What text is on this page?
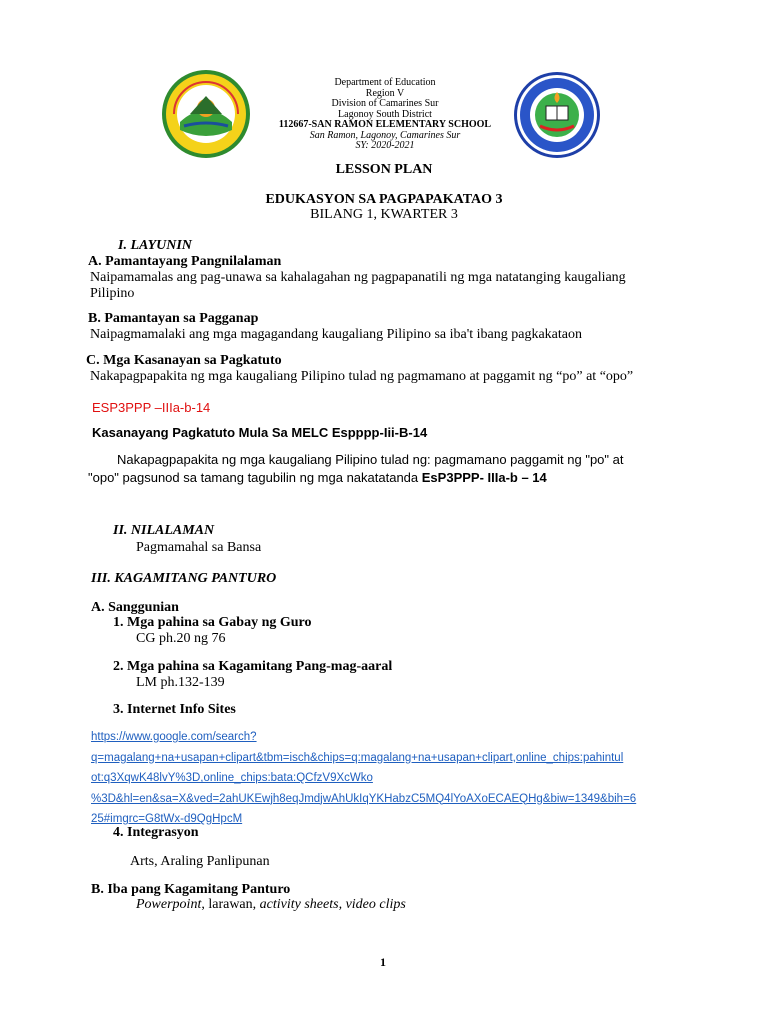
Department of Education
Region V
Division of Camarines Sur
Lagonoy South District
112667-SAN RAMON ELEMENTARY SCHOOL
San Ramon, Lagonoy, Camarines Sur
SY: 2020-2021
LESSON PLAN
EDUKASYON SA PAGPAPAKATAO 3
BILANG 1, KWARTER 3
I. LAYUNIN
A. Pamantayang Pangnilalaman
Naipamamalas ang pag-unawa sa kahalagahan ng pagpapanatili ng mga natatanging kaugaliang
Pilipino
B. Pamantayan sa Pagganap
Naipagmamalaki ang mga magagandang kaugaliang Pilipino sa iba't ibang pagkakataon
C. Mga Kasanayan sa Pagkatuto
Nakapagpapakita ng mga kaugaliang Pilipino tulad ng pagmamano at paggamit ng “po” at “opo”
ESP3PPP –IIIa-b-14
Kasanayang Pagkatuto Mula Sa MELC Espppp-Iii-B-14
Nakapagpapakita ng mga kaugaliang Pilipino tulad ng: pagmamano paggamit ng "po" at
"opo" pagsunod sa tamang tagubilin ng mga nakatatanda EsP3PPP- IIIa-b – 14
II. NILALAMAN
Pagmamahal sa Bansa
III. KAGAMITANG PANTURO
A. Sanggunian
1. Mga pahina sa Gabay ng Guro
CG ph.20 ng 76
2. Mga pahina sa Kagamitang Pang-mag-aaral
LM ph.132-139
3. Internet Info Sites
https://www.google.com/search?
q=magalang+na+usapan+clipart&tbm=isch&chips=q:magalang+na+usapan+clipart,online_chips:pahintul
ot:q3XqwK48lvY%3D,online_chips:bata:QCfzV9XcWko
%3D&hl=en&sa=X&ved=2ahUKEwjh8eqJmdjwAhUkIqYKHabzC5MQ4lYoAXoECAEQHg&biw=1349&bih=6
25#imgrc=G8tWx-d9QgHpcM
4. Integrasyon
Arts, Araling Panlipunan
B. Iba pang Kagamitang Panturo
Powerpoint, larawan, activity sheets, video clips
1
